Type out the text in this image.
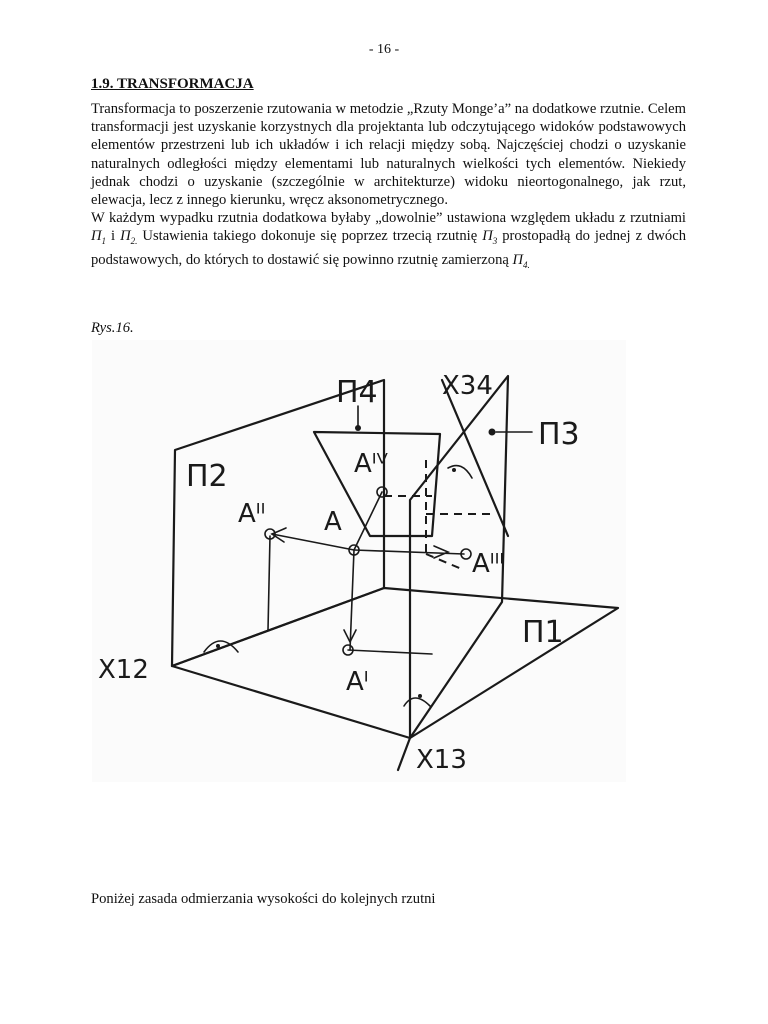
- 16 -
1.9. TRANSFORMACJA

Transformacja to poszerzenie rzutowania w metodzie „Rzuty Monge’a” na dodatkowe rzutnie. Celem transformacji jest uzyskanie korzystnych dla projektanta lub odczytującego widoków podstawowych elementów przestrzeni lub ich układów i ich relacji między sobą. Najczęściej chodzi o uzyskanie naturalnych odległości między elementami lub naturalnych wielkości tych elementów. Niekiedy jednak chodzi o uzyskanie (szczególnie w architekturze) widoku nieortogonalnego, jak rzut, elewacja, lecz z innego kierunku, wręcz aksonometrycznego.

W każdym wypadku rzutnia dodatkowa byłaby „dowolnie” ustawiona względem układu z rzutniami $П_1$ i $П_{2.}$ Ustawienia takiego dokonuje się poprzez trzecią rzutnię $П_3$ prostopadłą do jednej z dwóch podstawowych, do których to dostawić się powinno rzutnię zamierzoną $П_{4.}$

Rys.16.
П4 X34
П3
П2	Aᴵⱽ
Aᴵᴵ A
Aᴵᴵᴵ
П1
X12	Aᴵ
X13
Poniżej zasada odmierzania wysokości do kolejnych rzutni
